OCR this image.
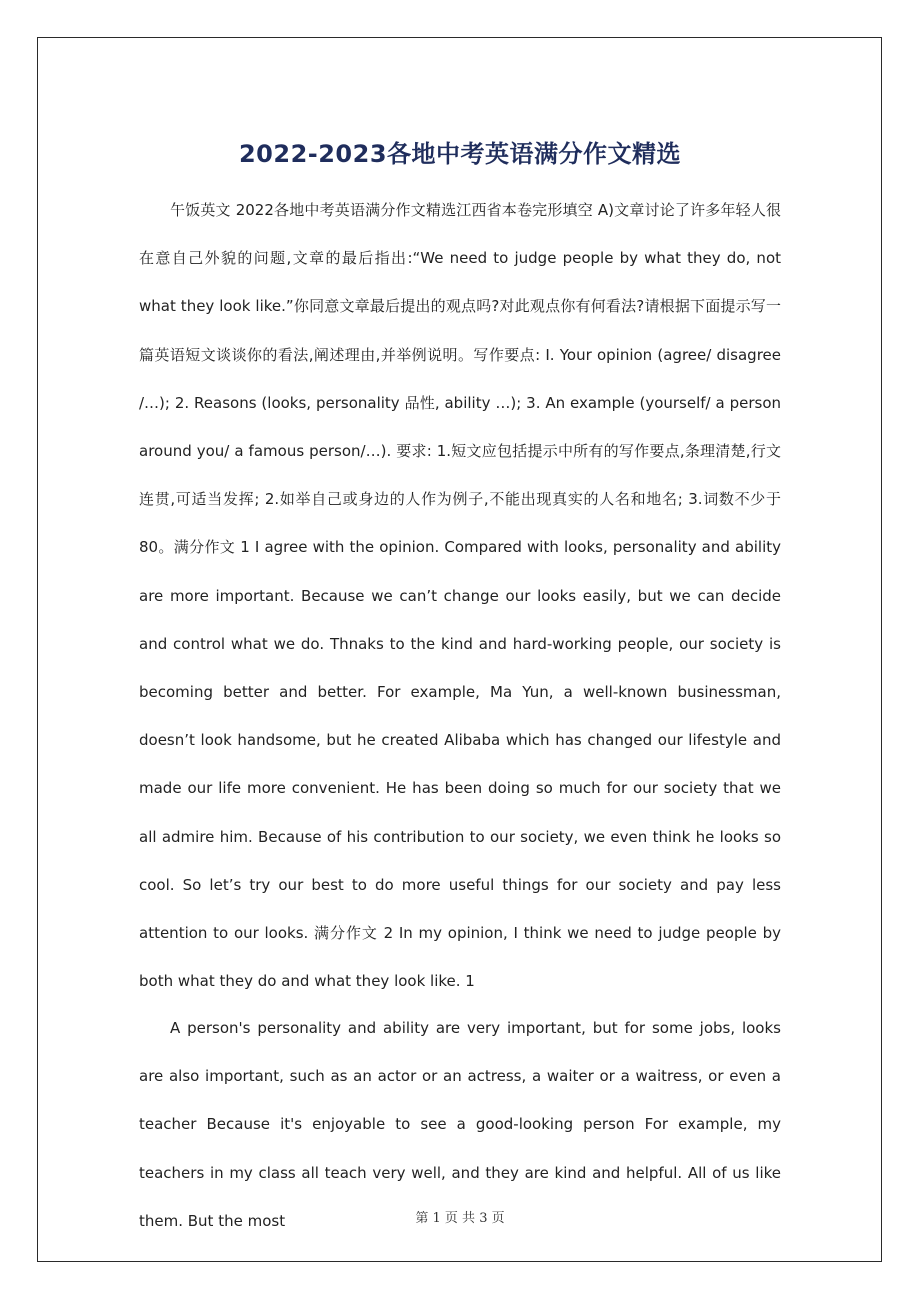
2022-2023各地中考英语满分作文精选

午饭英文 2022各地中考英语满分作文精选江西省本卷完形填空 A)文章讨论了许多年轻人很在意自己外貌的问题,文章的最后指出:“We need to judge people by what they do, not what they look like.”你同意文章最后提出的观点吗?对此观点你有何看法?请根据下面提示写一篇英语短文谈谈你的看法,阐述理由,并举例说明。写作要点: I. Your opinion (agree/ disagree /…); 2. Reasons (looks, personality 品性, ability …); 3. An example (yourself/ a person around you/ a famous person/…). 要求: 1.短文应包括提示中所有的写作要点,条理清楚,行文连贯,可适当发挥; 2.如举自己或身边的人作为例子,不能出现真实的人名和地名; 3.词数不少于80。满分作文 1 I agree with the opinion. Compared with looks, personality and ability are more important. Because we can’t change our looks easily, but we can decide and control what we do. Thnaks to the kind and hard-working people, our society is becoming better and better. For example, Ma Yun, a well-known businessman, doesn’t look handsome, but he created Alibaba which has changed our lifestyle and made our life more convenient. He has been doing so much for our society that we all admire him. Because of his contribution to our society, we even think he looks so cool. So let’s try our best to do more useful things for our society and pay less attention to our looks. 满分作文 2 In my opinion, I think we need to judge people by both what they do and what they look like. 1

A person's personality and ability are very important, but for some jobs, looks are also important, such as an actor or an actress, a waiter or a waitress, or even a teacher Because it's enjoyable to see a good-looking person For example, my teachers in my class all teach very well, and they are kind and helpful. All of us like them. But the most	第 1 页 共 3 页
